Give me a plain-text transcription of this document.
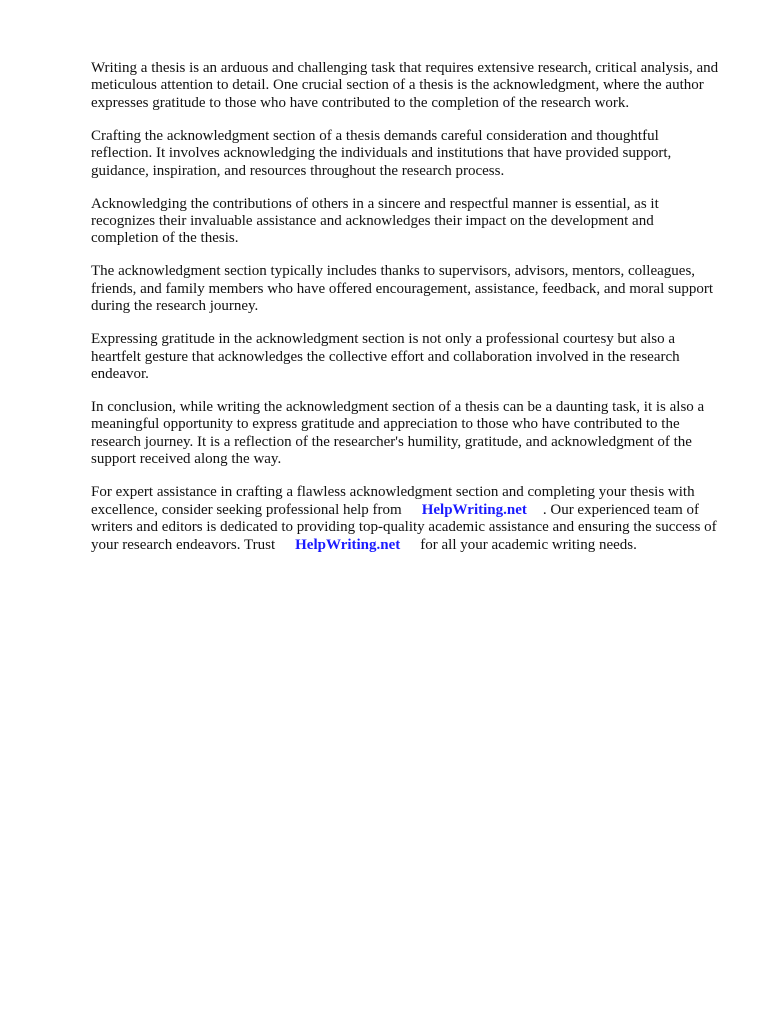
Writing a thesis is an arduous and challenging task that requires extensive research, critical analysis, and meticulous attention to detail. One crucial section of a thesis is the acknowledgment, where the author expresses gratitude to those who have contributed to the completion of the research work.

Crafting the acknowledgment section of a thesis demands careful consideration and thoughtful reflection. It involves acknowledging the individuals and institutions that have provided support, guidance, inspiration, and resources throughout the research process.

Acknowledging the contributions of others in a sincere and respectful manner is essential, as it recognizes their invaluable assistance and acknowledges their impact on the development and completion of the thesis.

The acknowledgment section typically includes thanks to supervisors, advisors, mentors, colleagues, friends, and family members who have offered encouragement, assistance, feedback, and moral support during the research journey.

Expressing gratitude in the acknowledgment section is not only a professional courtesy but also a heartfelt gesture that acknowledges the collective effort and collaboration involved in the research endeavor.

In conclusion, while writing the acknowledgment section of a thesis can be a daunting task, it is also a meaningful opportunity to express gratitude and appreciation to those who have contributed to the research journey. It is a reflection of the researcher's humility, gratitude, and acknowledgment of the support received along the way.

For expert assistance in crafting a flawless acknowledgment section and completing your thesis with excellence, consider seeking professional help from HelpWriting.net . Our experienced team of writers and editors is dedicated to providing top-quality academic assistance and ensuring the success of your research endeavors. Trust HelpWriting.net for all your academic writing needs.
